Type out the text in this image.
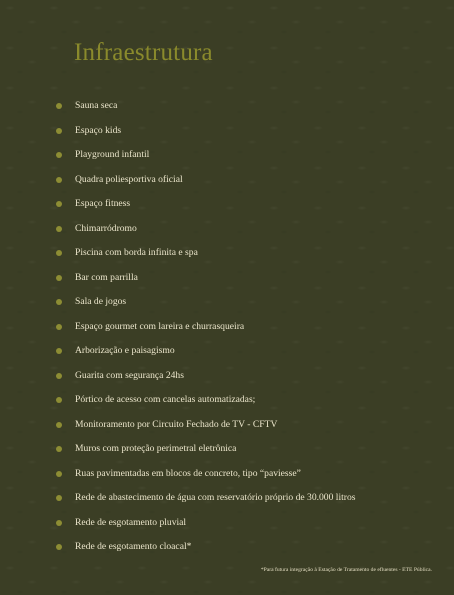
Infraestrutura
Sauna seca
Espaço kids
Playground infantil
Quadra poliesportiva oficial
Espaço fitness
Chimarródromo
Piscina com borda infinita e spa
Bar com parrilla
Sala de jogos
Espaço gourmet com lareira e churrasqueira
Arborização e paisagismo
Guarita com segurança 24hs
Pórtico de acesso com cancelas automatizadas;
Monitoramento por Circuito Fechado de TV - CFTV
Muros com proteção perimetral eletrônica
Ruas pavimentadas em blocos de concreto, tipo “paviesse”
Rede de abastecimento de água com reservatório próprio de 30.000 litros
Rede de esgotamento pluvial
Rede de esgotamento cloacal*

*Para futura integração à Estação de Tratamento de efluentes - ETE Pública.
